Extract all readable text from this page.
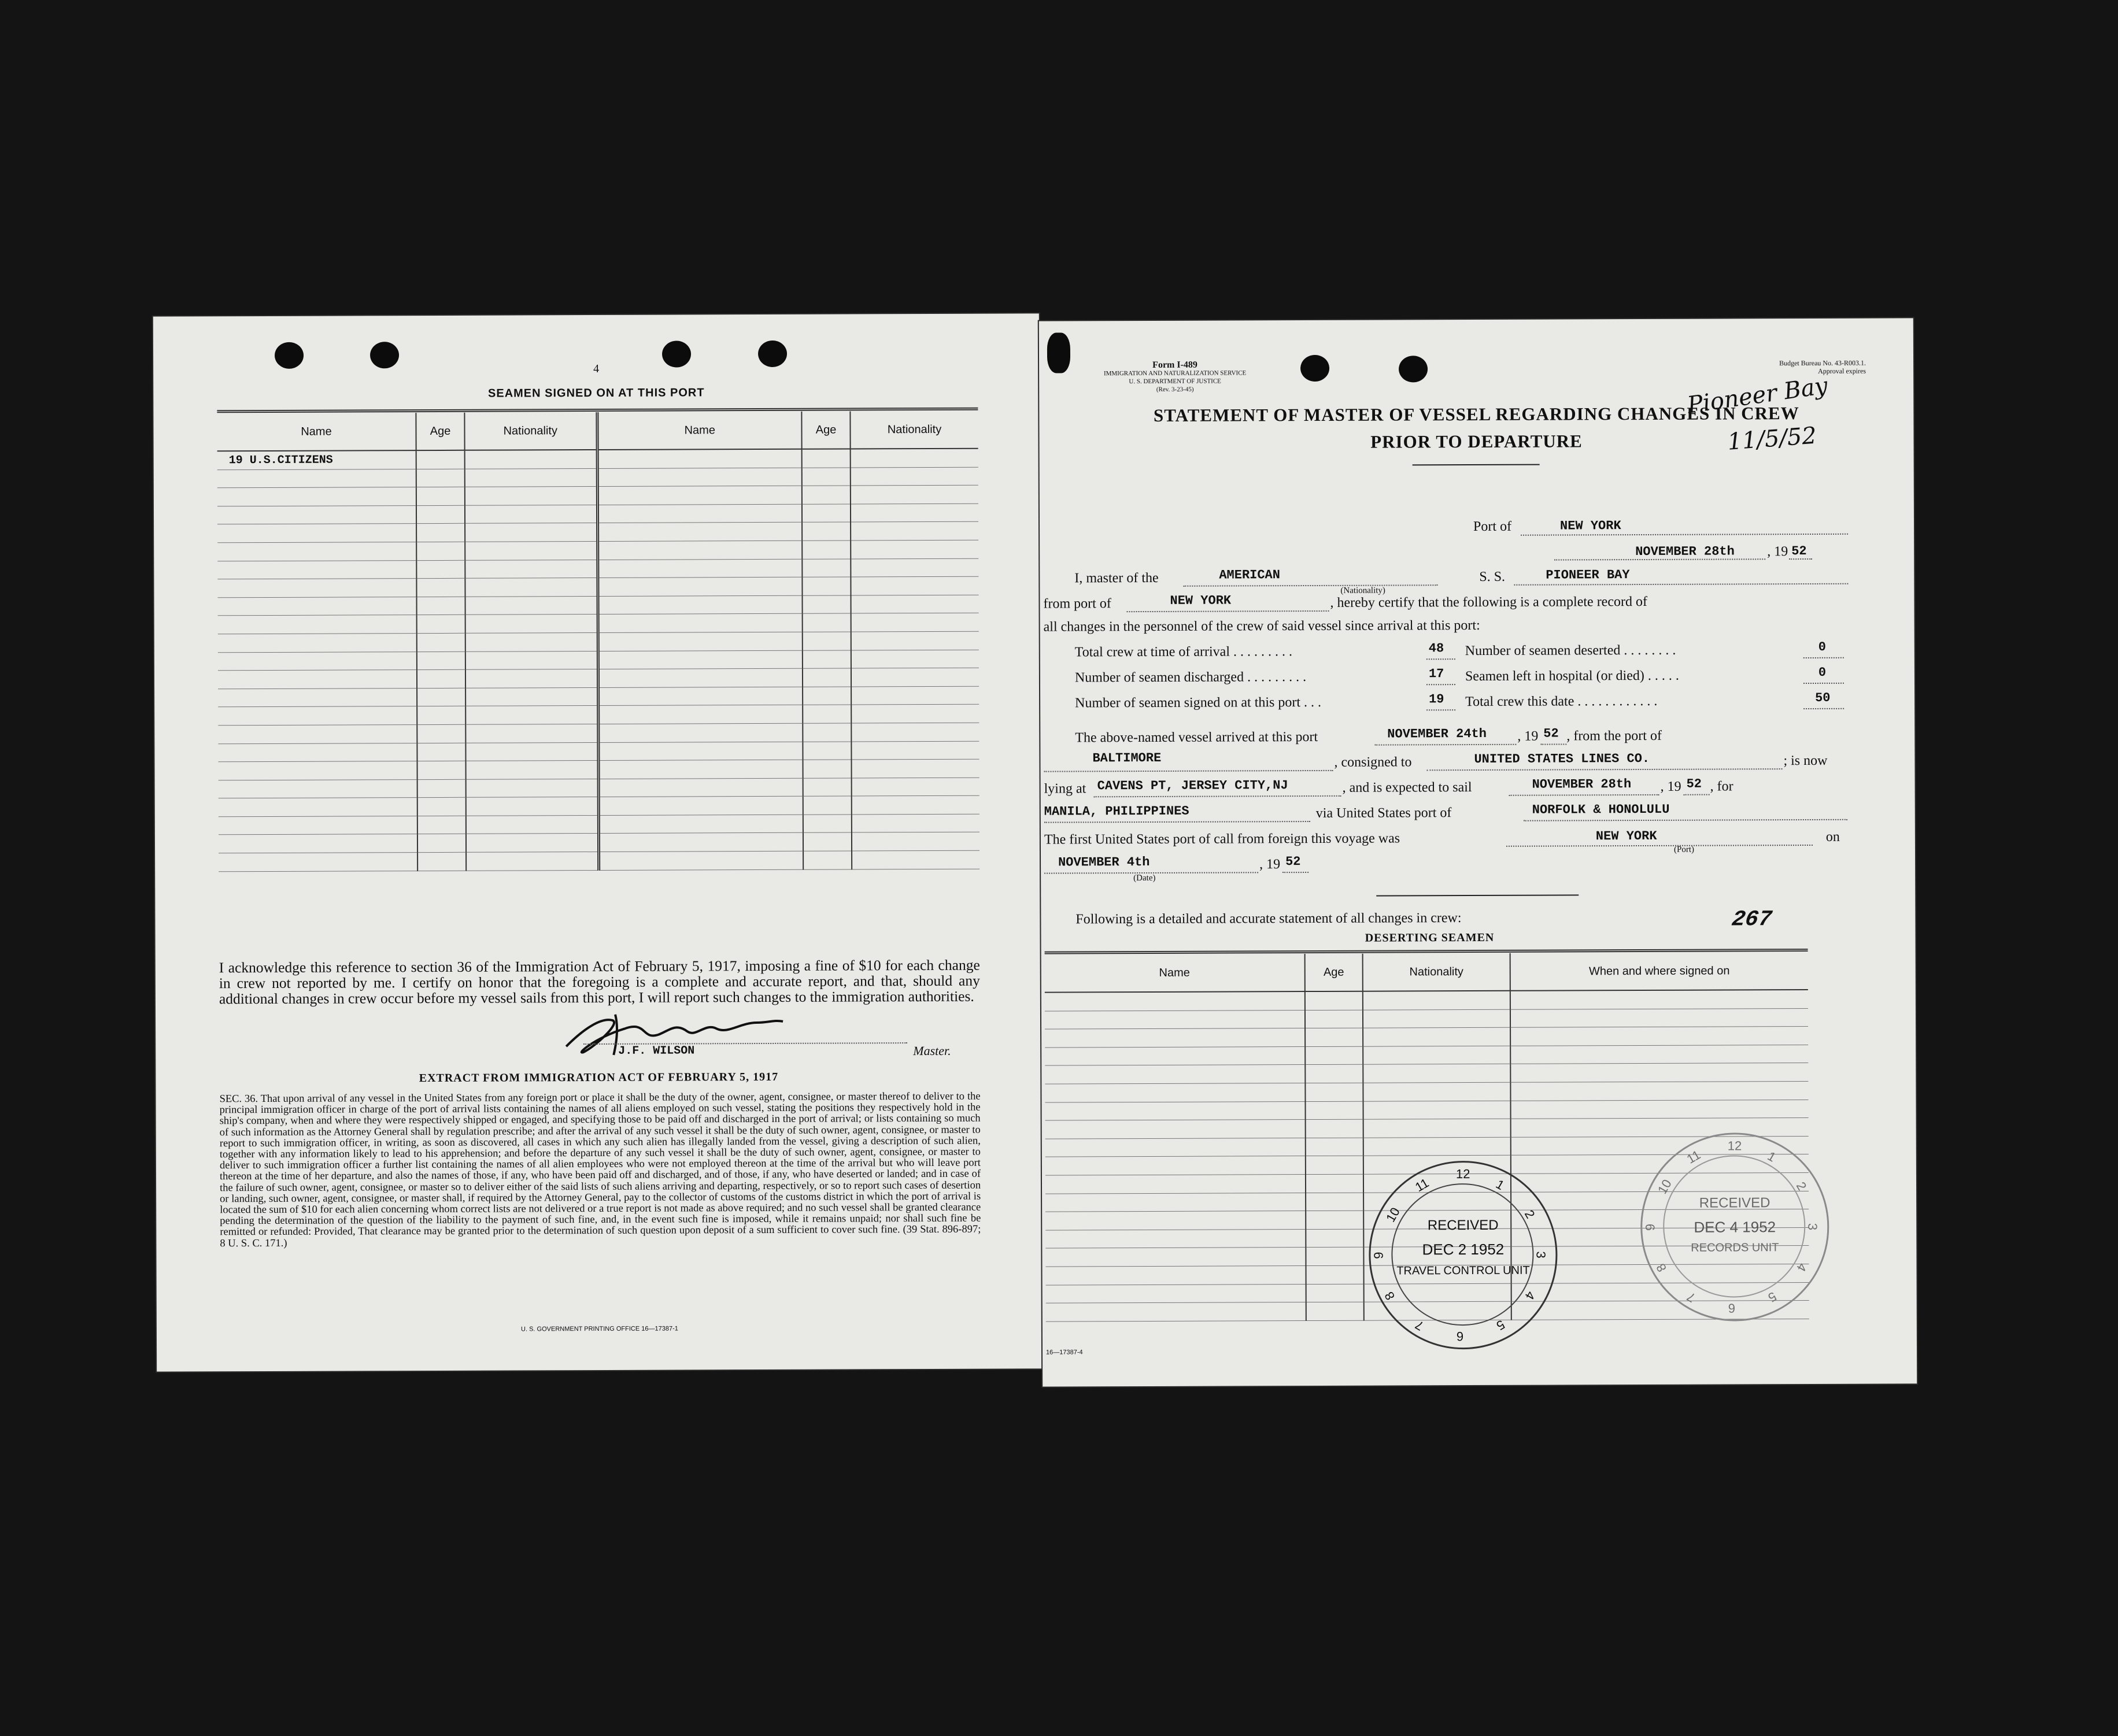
4
SEAMEN SIGNED ON AT THIS PORT
Name	Age	Nationality	Name	Age	Nationality
19 U.S.CITIZENS					

I acknowledge this reference to section 36 of the Immigration Act of February 5, 1917, imposing a fine of $10 for each change in crew not reported by me. I certify on honor that the foregoing is a complete and accurate report, and that, should any additional changes in crew occur before my vessel sails from this port, I will report such changes to the immigration authorities.
J.F. WILSON	Master.
EXTRACT FROM IMMIGRATION ACT OF FEBRUARY 5, 1917
SEC. 36. That upon arrival of any vessel in the United States from any foreign port or place it shall be the duty of the owner, agent, consignee, or master thereof to deliver to the principal immigration officer in charge of the port of arrival lists containing the names of all aliens employed on such vessel, stating the positions they respectively hold in the ship's company, when and where they were respectively shipped or engaged, and specifying those to be paid off and discharged in the port of arrival; or lists containing so much of such information as the Attorney General shall by regulation prescribe; and after the arrival of any such vessel it shall be the duty of such owner, agent, consignee, or master to report to such immigration officer, in writing, as soon as discovered, all cases in which any such alien has illegally landed from the vessel, giving a description of such alien, together with any information likely to lead to his apprehension; and before the departure of any such vessel it shall be the duty of such owner, agent, consignee, or master to deliver to such immigration officer a further list containing the names of all alien employees who were not employed thereon at the time of the arrival but who will leave port thereon at the time of her departure, and also the names of those, if any, who have been paid off and discharged, and of those, if any, who have deserted or landed; and in case of the failure of such owner, agent, consignee, or master so to deliver either of the said lists of such aliens arriving and departing, respectively, or so to report such cases of desertion or landing, such owner, agent, consignee, or master shall, if required by the Attorney General, pay to the collector of customs of the customs district in which the port of arrival is located the sum of $10 for each alien concerning whom correct lists are not delivered or a true report is not made as above required; and no such vessel shall be granted clearance pending the determination of the question of the liability to the payment of such fine, and, in the event such fine is imposed, while it remains unpaid; nor shall such fine be remitted or refunded: Provided, That clearance may be granted prior to the determination of such question upon deposit of a sum sufficient to cover such fine. (39 Stat. 896-897; 8 U. S. C. 171.)
U. S. GOVERNMENT PRINTING OFFICE 16—17387-1
Form I-489
IMMIGRATION AND NATURALIZATION SERVICE
U. S. DEPARTMENT OF JUSTICE
(Rev. 3-23-45)
Budget Bureau No. 43-R003.1.
Approval expires
STATEMENT OF MASTER OF VESSEL REGARDING CHANGES IN CREW
PRIOR TO DEPARTURE
Pioneer Bay
11/5/52
Port of	NEW YORK
NOVEMBER 28th , 19 52
I, master of the	AMERICAN
(Nationality)
S. S.	PIONEER BAY
from port of	NEW YORK	, hereby certify that the following is a complete record of
all changes in the personnel of the crew of said vessel since arrival at this port:
Total crew at time of arrival . . . . . . . . .	48
Number of seamen discharged . . . . . . . . .	17
Number of seamen signed on at this port . . .	19
Number of seamen deserted . . . . . . . .	0
Seamen left in hospital (or died) . . . . .	0
Total crew this date . . . . . . . . . . . .	50
The above-named vessel arrived at this port	NOVEMBER 24th , 19 52 , from the port of
BALTIMORE	, consigned to	UNITED STATES LINES CO.	; is now
lying at CAVENS PT, JERSEY CITY,NJ	, and is expected to sail	NOVEMBER 28th , 19 52 , for
MANILA, PHILIPPINES	via United States port of	NORFOLK & HONOLULU
The first United States port of call from foreign this voyage was	NEW YORK
(Port)
on
NOVEMBER 4th
(Date)
, 19 52
Following is a detailed and accurate statement of all changes in crew:	267
DESERTING SEAMEN
Name	Age	Nationality	When and where signed on

16—17387-4
12
1
2
3
4
5
6
7
8
9
10
11
RECEIVED
DEC 2 1952
TRAVEL CONTROL UNIT
12
1
2
3
4
5
6
7
8
9
10
11
RECEIVED
DEC 4 1952
RECORDS UNIT
